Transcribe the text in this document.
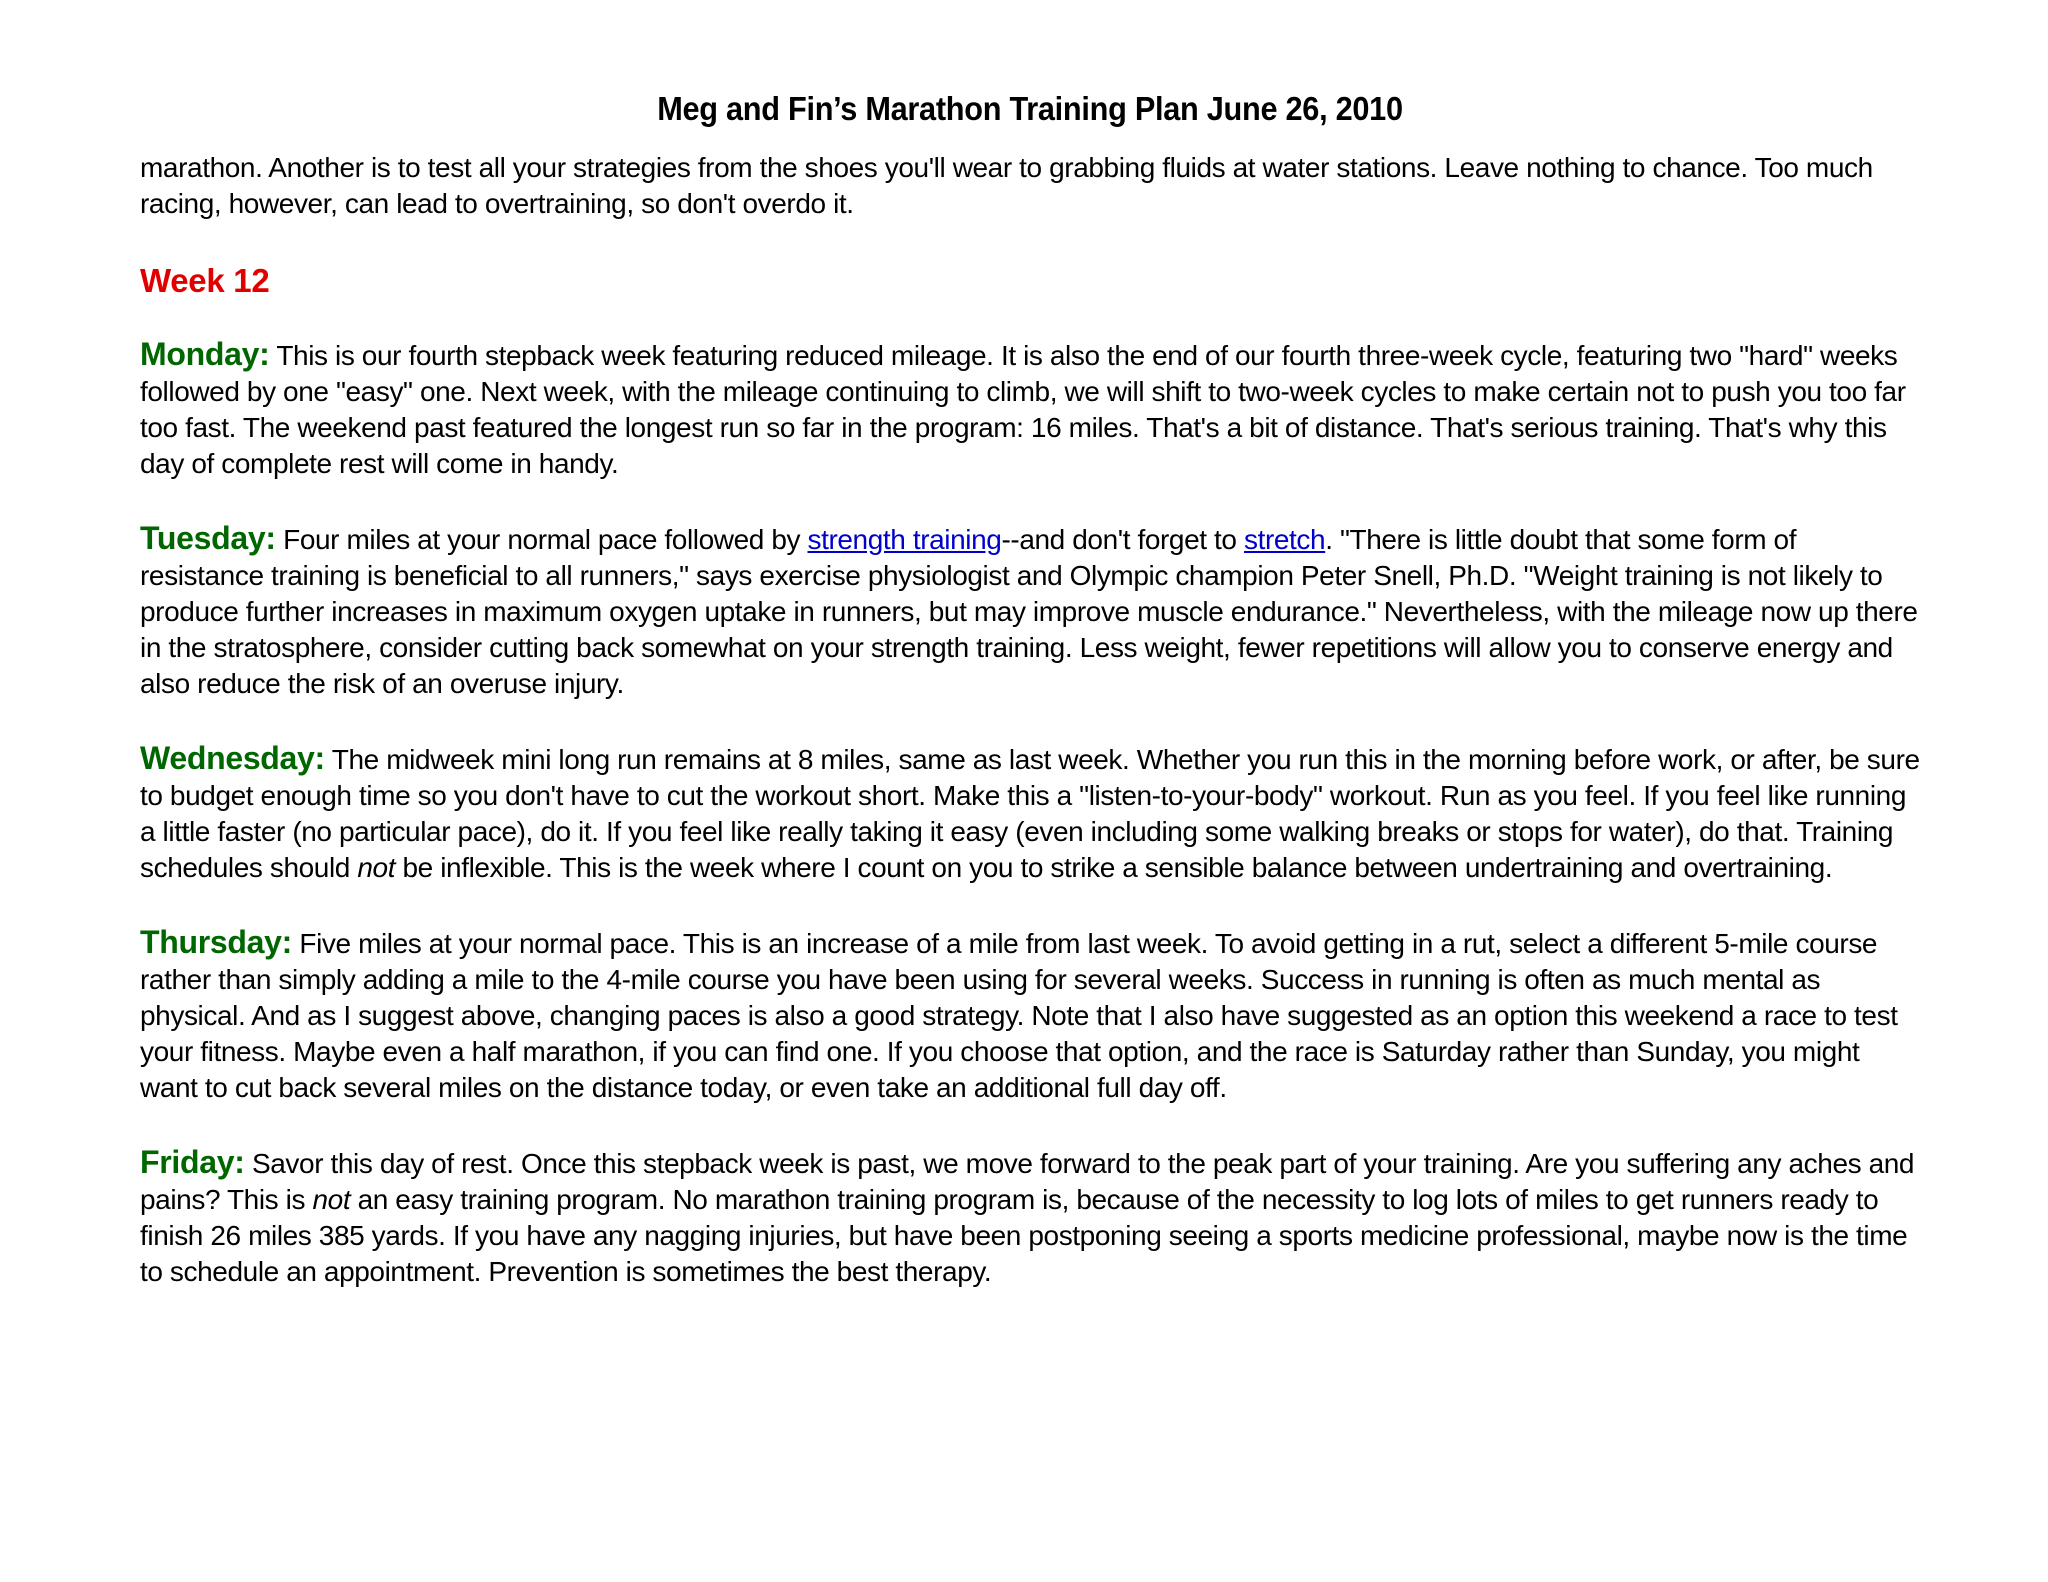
Meg and Fin’s Marathon Training Plan June 26, 2010

marathon. Another is to test all your strategies from the shoes you'll wear to grabbing fluids at water stations. Leave nothing to chance. Too much racing, however, can lead to overtraining, so don't overdo it.

Week 12

Monday: This is our fourth stepback week featuring reduced mileage. It is also the end of our fourth three-week cycle, featuring two "hard" weeks followed by one "easy" one. Next week, with the mileage continuing to climb, we will shift to two-week cycles to make certain not to push you too far too fast. The weekend past featured the longest run so far in the program: 16 miles. That's a bit of distance. That's serious training. That's why this day of complete rest will come in handy.

Tuesday: Four miles at your normal pace followed by strength training--and don't forget to stretch. "There is little doubt that some form of resistance training is beneficial to all runners," says exercise physiologist and Olympic champion Peter Snell, Ph.D. "Weight training is not likely to produce further increases in maximum oxygen uptake in runners, but may improve muscle endurance." Nevertheless, with the mileage now up there in the stratosphere, consider cutting back somewhat on your strength training. Less weight, fewer repetitions will allow you to conserve energy and also reduce the risk of an overuse injury.

Wednesday: The midweek mini long run remains at 8 miles, same as last week. Whether you run this in the morning before work, or after, be sure to budget enough time so you don't have to cut the workout short. Make this a "listen-to-your-body" workout. Run as you feel. If you feel like running a little faster (no particular pace), do it. If you feel like really taking it easy (even including some walking breaks or stops for water), do that. Training schedules should not be inflexible. This is the week where I count on you to strike a sensible balance between undertraining and overtraining.

Thursday: Five miles at your normal pace. This is an increase of a mile from last week. To avoid getting in a rut, select a different 5-mile course rather than simply adding a mile to the 4-mile course you have been using for several weeks. Success in running is often as much mental as physical. And as I suggest above, changing paces is also a good strategy. Note that I also have suggested as an option this weekend a race to test your fitness. Maybe even a half marathon, if you can find one. If you choose that option, and the race is Saturday rather than Sunday, you might want to cut back several miles on the distance today, or even take an additional full day off.

Friday: Savor this day of rest. Once this stepback week is past, we move forward to the peak part of your training. Are you suffering any aches and pains? This is not an easy training program. No marathon training program is, because of the necessity to log lots of miles to get runners ready to finish 26 miles 385 yards. If you have any nagging injuries, but have been postponing seeing a sports medicine professional, maybe now is the time to schedule an appointment. Prevention is sometimes the best therapy.
